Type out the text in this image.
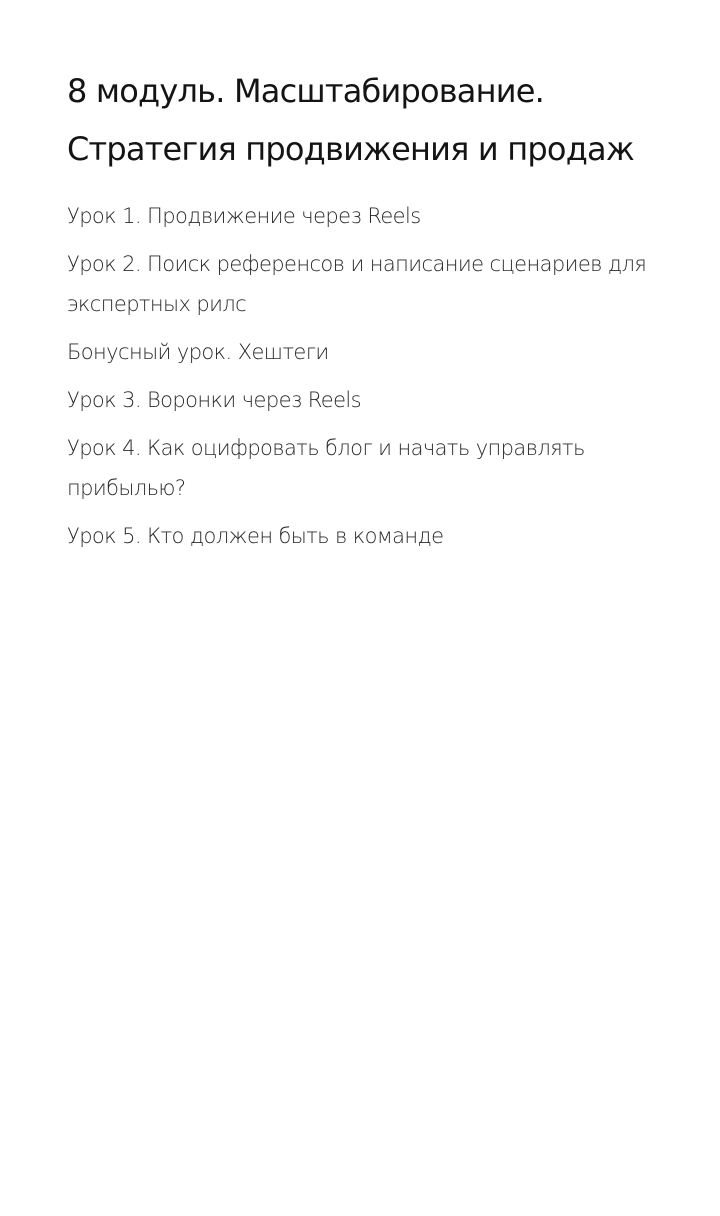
8 модуль. Масштабирование. Стратегия продвижения и продаж
Урок 1. Продвижение через Reels
Урок 2. Поиск референсов и написание сценариев для экспертных рилс
Бонусный урок. Хештеги
Урок 3. Воронки через Reels
Урок 4. Как оцифровать блог и начать управлять прибылью?
Урок 5. Кто должен быть в команде
